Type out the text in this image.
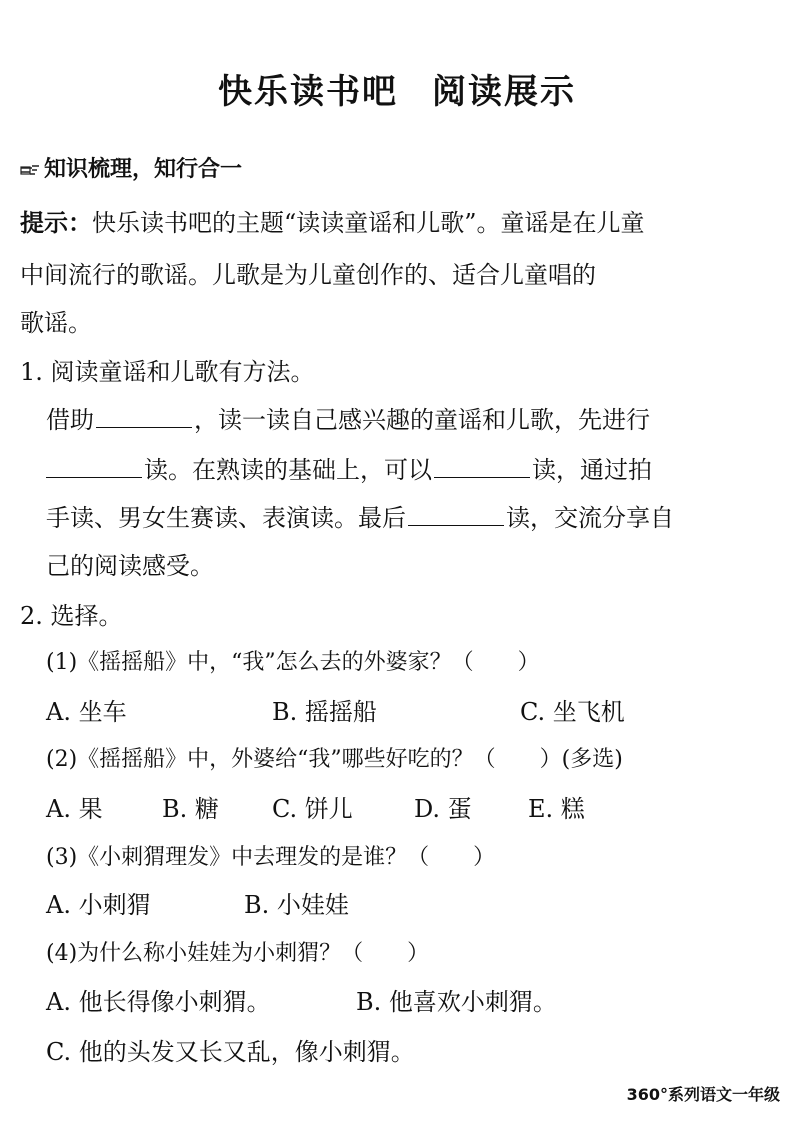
快乐读书吧 阅读展示
知识梳理，知行合一
提示：快乐读书吧的主题“读读童谣和儿歌”。童谣是在儿童
中间流行的歌谣。儿歌是为儿童创作的、适合儿童唱的
歌谣。
1. 阅读童谣和儿歌有方法。
借助	，读一读自己感兴趣的童谣和儿歌，先进行
读。在熟读的基础上，可以	读，通过拍
手读、男女生赛读、表演读。最后	读，交流分享自
己的阅读感受。
2. 选择。
(1)《摇摇船》中，“我”怎么去的外婆家？（　　）
A. 坐车	B. 摇摇船	C. 坐飞机
(2)《摇摇船》中，外婆给“我”哪些好吃的？（　　）(多选)
A. 果 B. 糖 C. 饼儿	D. 蛋 E. 糕
(3)《小刺猬理发》中去理发的是谁？（　　）
A. 小刺猬	B. 小娃娃
(4)为什么称小娃娃为小刺猬？（　　）
A. 他长得像小刺猬。	B. 他喜欢小刺猬。
C. 他的头发又长又乱，像小刺猬。
360°系列语文一年级
